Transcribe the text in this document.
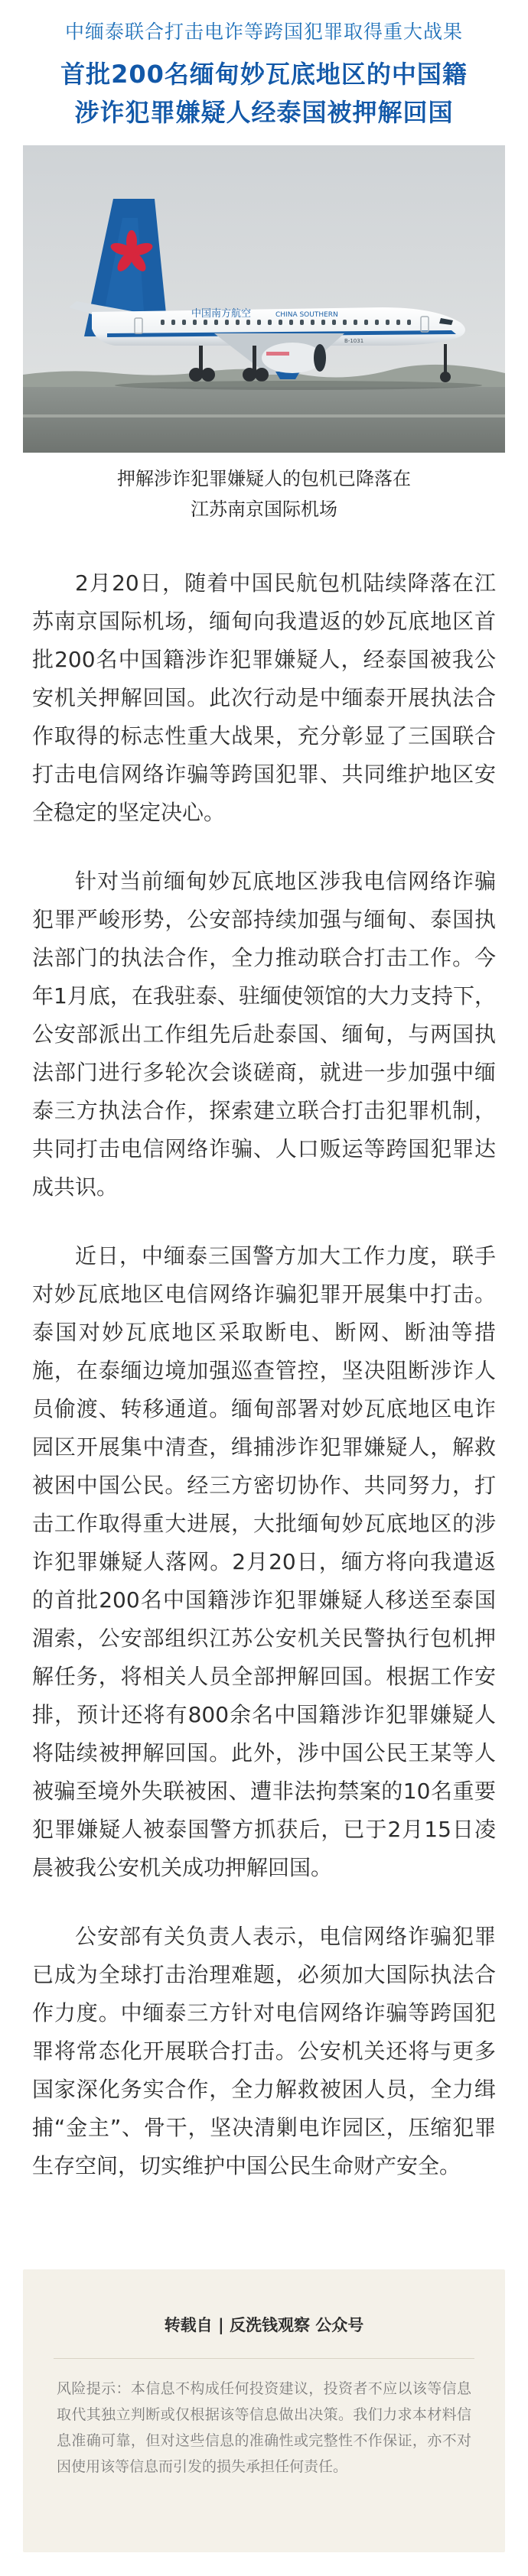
中缅泰联合打击电诈等跨国犯罪取得重大战果
首批200名缅甸妙瓦底地区的中国籍
涉诈犯罪嫌疑人经泰国被押解回国
中国南方航空	CHINA SOUTHERN
B-1031
押解涉诈犯罪嫌疑人的包机已降落在
江苏南京国际机场

2月20日，随着中国民航包机陆续降落在江苏南京国际机场，缅甸向我遣返的妙瓦底地区首批200名中国籍涉诈犯罪嫌疑人，经泰国被我公安机关押解回国。此次行动是中缅泰开展执法合作取得的标志性重大战果，充分彰显了三国联合打击电信网络诈骗等跨国犯罪、共同维护地区安全稳定的坚定决心。

针对当前缅甸妙瓦底地区涉我电信网络诈骗犯罪严峻形势，公安部持续加强与缅甸、泰国执法部门的执法合作，全力推动联合打击工作。今年1月底，在我驻泰、驻缅使领馆的大力支持下，公安部派出工作组先后赴泰国、缅甸，与两国执法部门进行多轮次会谈磋商，就进一步加强中缅泰三方执法合作，探索建立联合打击犯罪机制，共同打击电信网络诈骗、人口贩运等跨国犯罪达成共识。

近日，中缅泰三国警方加大工作力度，联手对妙瓦底地区电信网络诈骗犯罪开展集中打击。泰国对妙瓦底地区采取断电、断网、断油等措施，在泰缅边境加强巡查管控，坚决阻断涉诈人员偷渡、转移通道。缅甸部署对妙瓦底地区电诈园区开展集中清查，缉捕涉诈犯罪嫌疑人，解救被困中国公民。经三方密切协作、共同努力，打击工作取得重大进展，大批缅甸妙瓦底地区的涉诈犯罪嫌疑人落网。2月20日，缅方将向我遣返的首批200名中国籍涉诈犯罪嫌疑人移送至泰国湄索，公安部组织江苏公安机关民警执行包机押解任务，将相关人员全部押解回国。根据工作安排，预计还将有800余名中国籍涉诈犯罪嫌疑人将陆续被押解回国。此外，涉中国公民王某等人被骗至境外失联被困、遭非法拘禁案的10名重要犯罪嫌疑人被泰国警方抓获后，已于2月15日凌晨被我公安机关成功押解回国。

公安部有关负责人表示，电信网络诈骗犯罪已成为全球打击治理难题，必须加大国际执法合作力度。中缅泰三方针对电信网络诈骗等跨国犯罪将常态化开展联合打击。公安机关还将与更多国家深化务实合作，全力解救被困人员，全力缉捕“金主”、骨干，坚决清剿电诈园区，压缩犯罪生存空间，切实维护中国公民生命财产安全。

转载自 | 反洗钱观察 公众号
风险提示：本信息不构成任何投资建议，投资者不应以该等信息取代其独立判断或仅根据该等信息做出决策。我们力求本材料信息准确可靠，但对这些信息的准确性或完整性不作保证，亦不对因使用该等信息而引发的损失承担任何责任。
